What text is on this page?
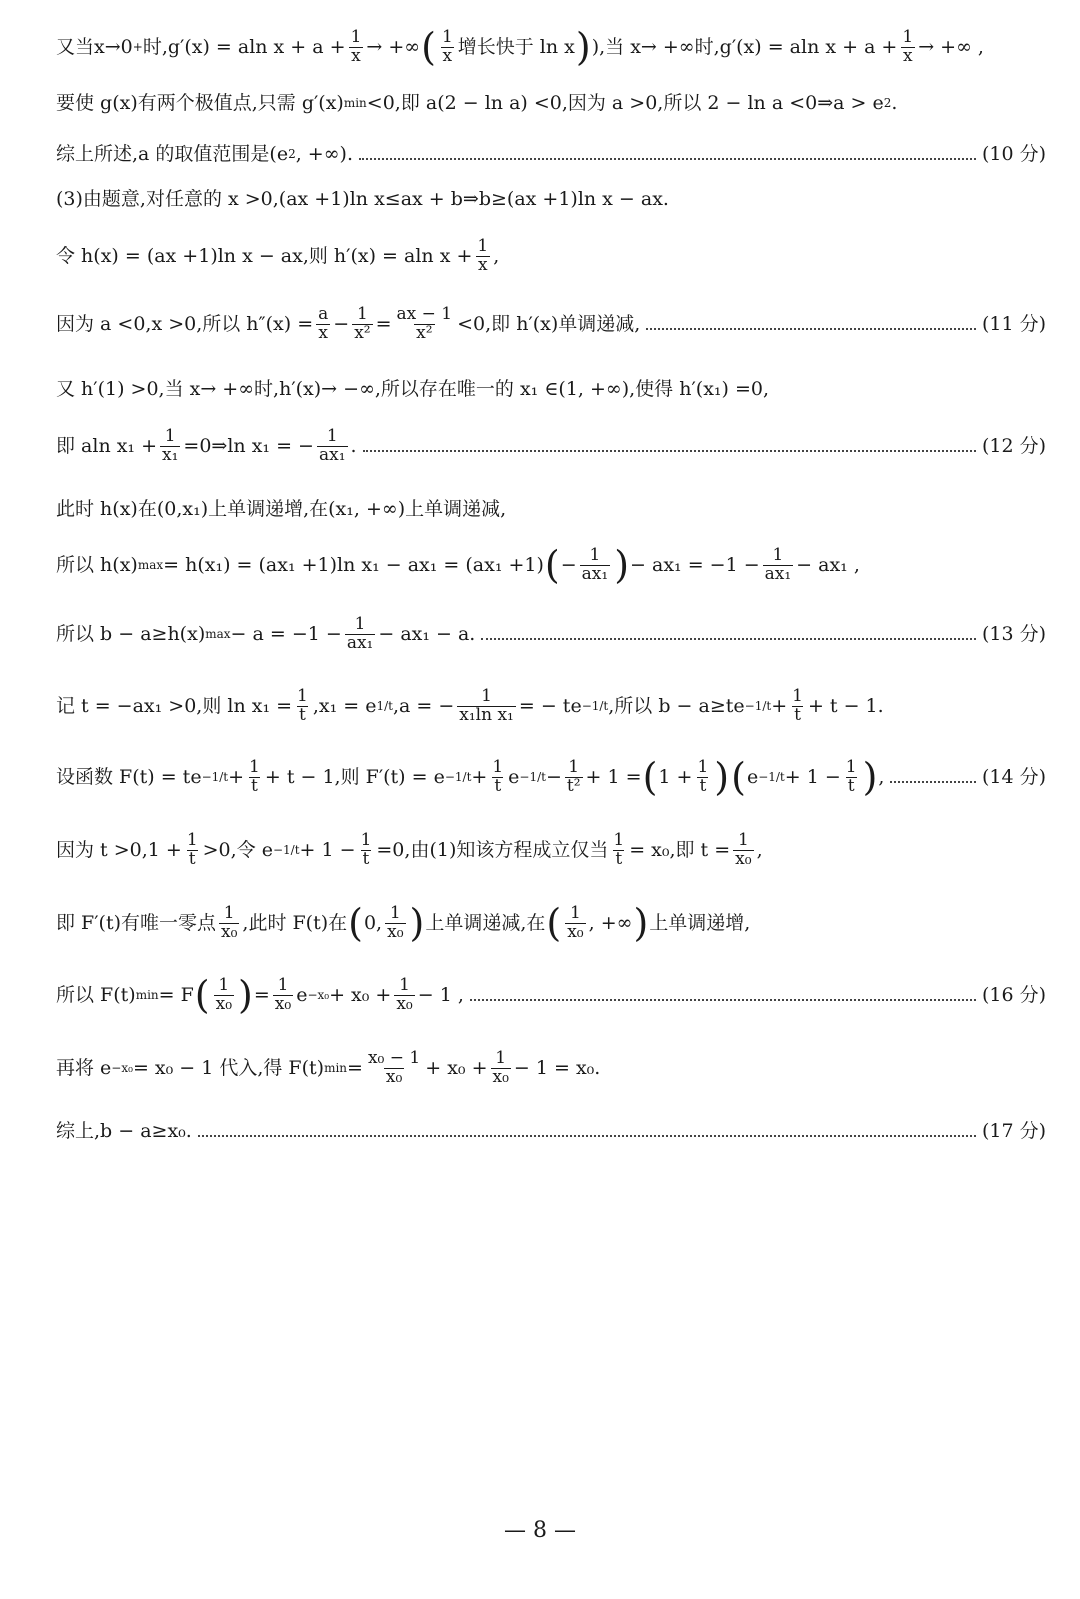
又当 x→0 + 时, g′(x) = aln $x + a + \frac{1}{x}$ → +∞ ( $\frac{1}{x}$ 增长快于 ln x ) ),当 x→ +∞时,g′(x) = aln $x + a + \frac{1}{x}$ → +∞ ,
要使 g(x)有两个极值点,只需 g′(x) min <0,即 a(2 − ln a) <0,因为 a >0,所以 2 − ln a <0⇒a > e 2 .
综上所述,a 的取值范围是(e 2 , +∞).	(10 分)
(3)由题意,对任意的 x >0,(ax +1)ln x≤ax + b⇒b≥(ax +1)ln x − ax.
令 h(x) = (ax +1)ln x − ax,则 h′(x) = aln $x + \frac{1}{x}$ ,
因为 a <0,x >0,所以 $h''(x) = \frac{a}{x} - \frac{1}{\text{x²}} = \frac{ax - 1}{\text{x²}} <0$,即 h′(x)单调递减,	(11 分)
又 h′(1) >0,当 x→ +∞时,h′(x)→ −∞,所以存在唯一的 x₁ ∈(1, +∞),使得 h′(x₁) =0,
即 aln $x_1 + \frac{1}{\text{x₁}}$ =0⇒ln x₁ = − $\frac{1}{\text{ax₁}}$ .	(12 分)
此时 h(x)在(0,x₁)上单调递增,在(x₁, +∞)上单调递减,
所以 h(x) max = h(x₁) = (ax₁ +1)ln x₁ − ax₁ = (ax₁ +1) ( − $\frac{1}{\text{ax₁}}$ ) − $ax_1 = -1 - \frac{1}{\text{ax₁}} - ax_1$ ,
所以 b − a≥h(x) $\max - a = -1 - \frac{1}{\text{ax₁}} - ax_1 - a$.	(13 分)
记 t = −ax₁ >0,则 $\ln x_1 = \frac{1}{t} ,x_1 = e$ 1/t ,a = − $\frac{1}{\text{x₁ln x₁}}$ = − te −1/t ,所以 $b - a\ge te -1/t + \frac{1}{t} + t - 1$.
设函数 F(t) = te $-1/t + \frac{1}{t} + t - 1$,则 $F'(t) = e -1/t + \frac{1}{t}$ $e -1/t - \frac{1}{\text{t²}} + 1$ = ( $1 + \frac{1}{t}$ ) ( $e -1/t + 1 - \frac{1}{t}$ ) ,	(14 分)
因为 $t >0,1 + \frac{1}{t} >0$,令 $e -1/t + 1 - \frac{1}{t} =0$,由(1)知该方程成立仅当 $\frac{1}{t} = x_0$,即 $t = \frac{1}{\text{x₀}}$ ,
即 F′(t)有唯一零点 $\frac{1}{\text{x₀}}$ ,此时 F(t)在 ( 0, $\frac{1}{\text{x₀}}$ ) 上单调递减,在 ( $\frac{1}{\text{x₀}}$ , +∞ ) 上单调递增,
所以 F(t) min = F ( $\frac{1}{\text{x₀}}$ ) = $\frac{1}{\text{x₀}}$ $e -x_0 + x_0 + \frac{1}{\text{x₀}} - 1$ ,	(16 分)
再将 e −x₀ = x₀ − 1 代入,得 F(t) $\min = \frac{\text{x₀ − 1}}{\text{x₀}} + x_0 + \frac{1}{\text{x₀}} - 1 = x_0$.
综上,b − a≥x₀.	(17 分)
— 8 —
